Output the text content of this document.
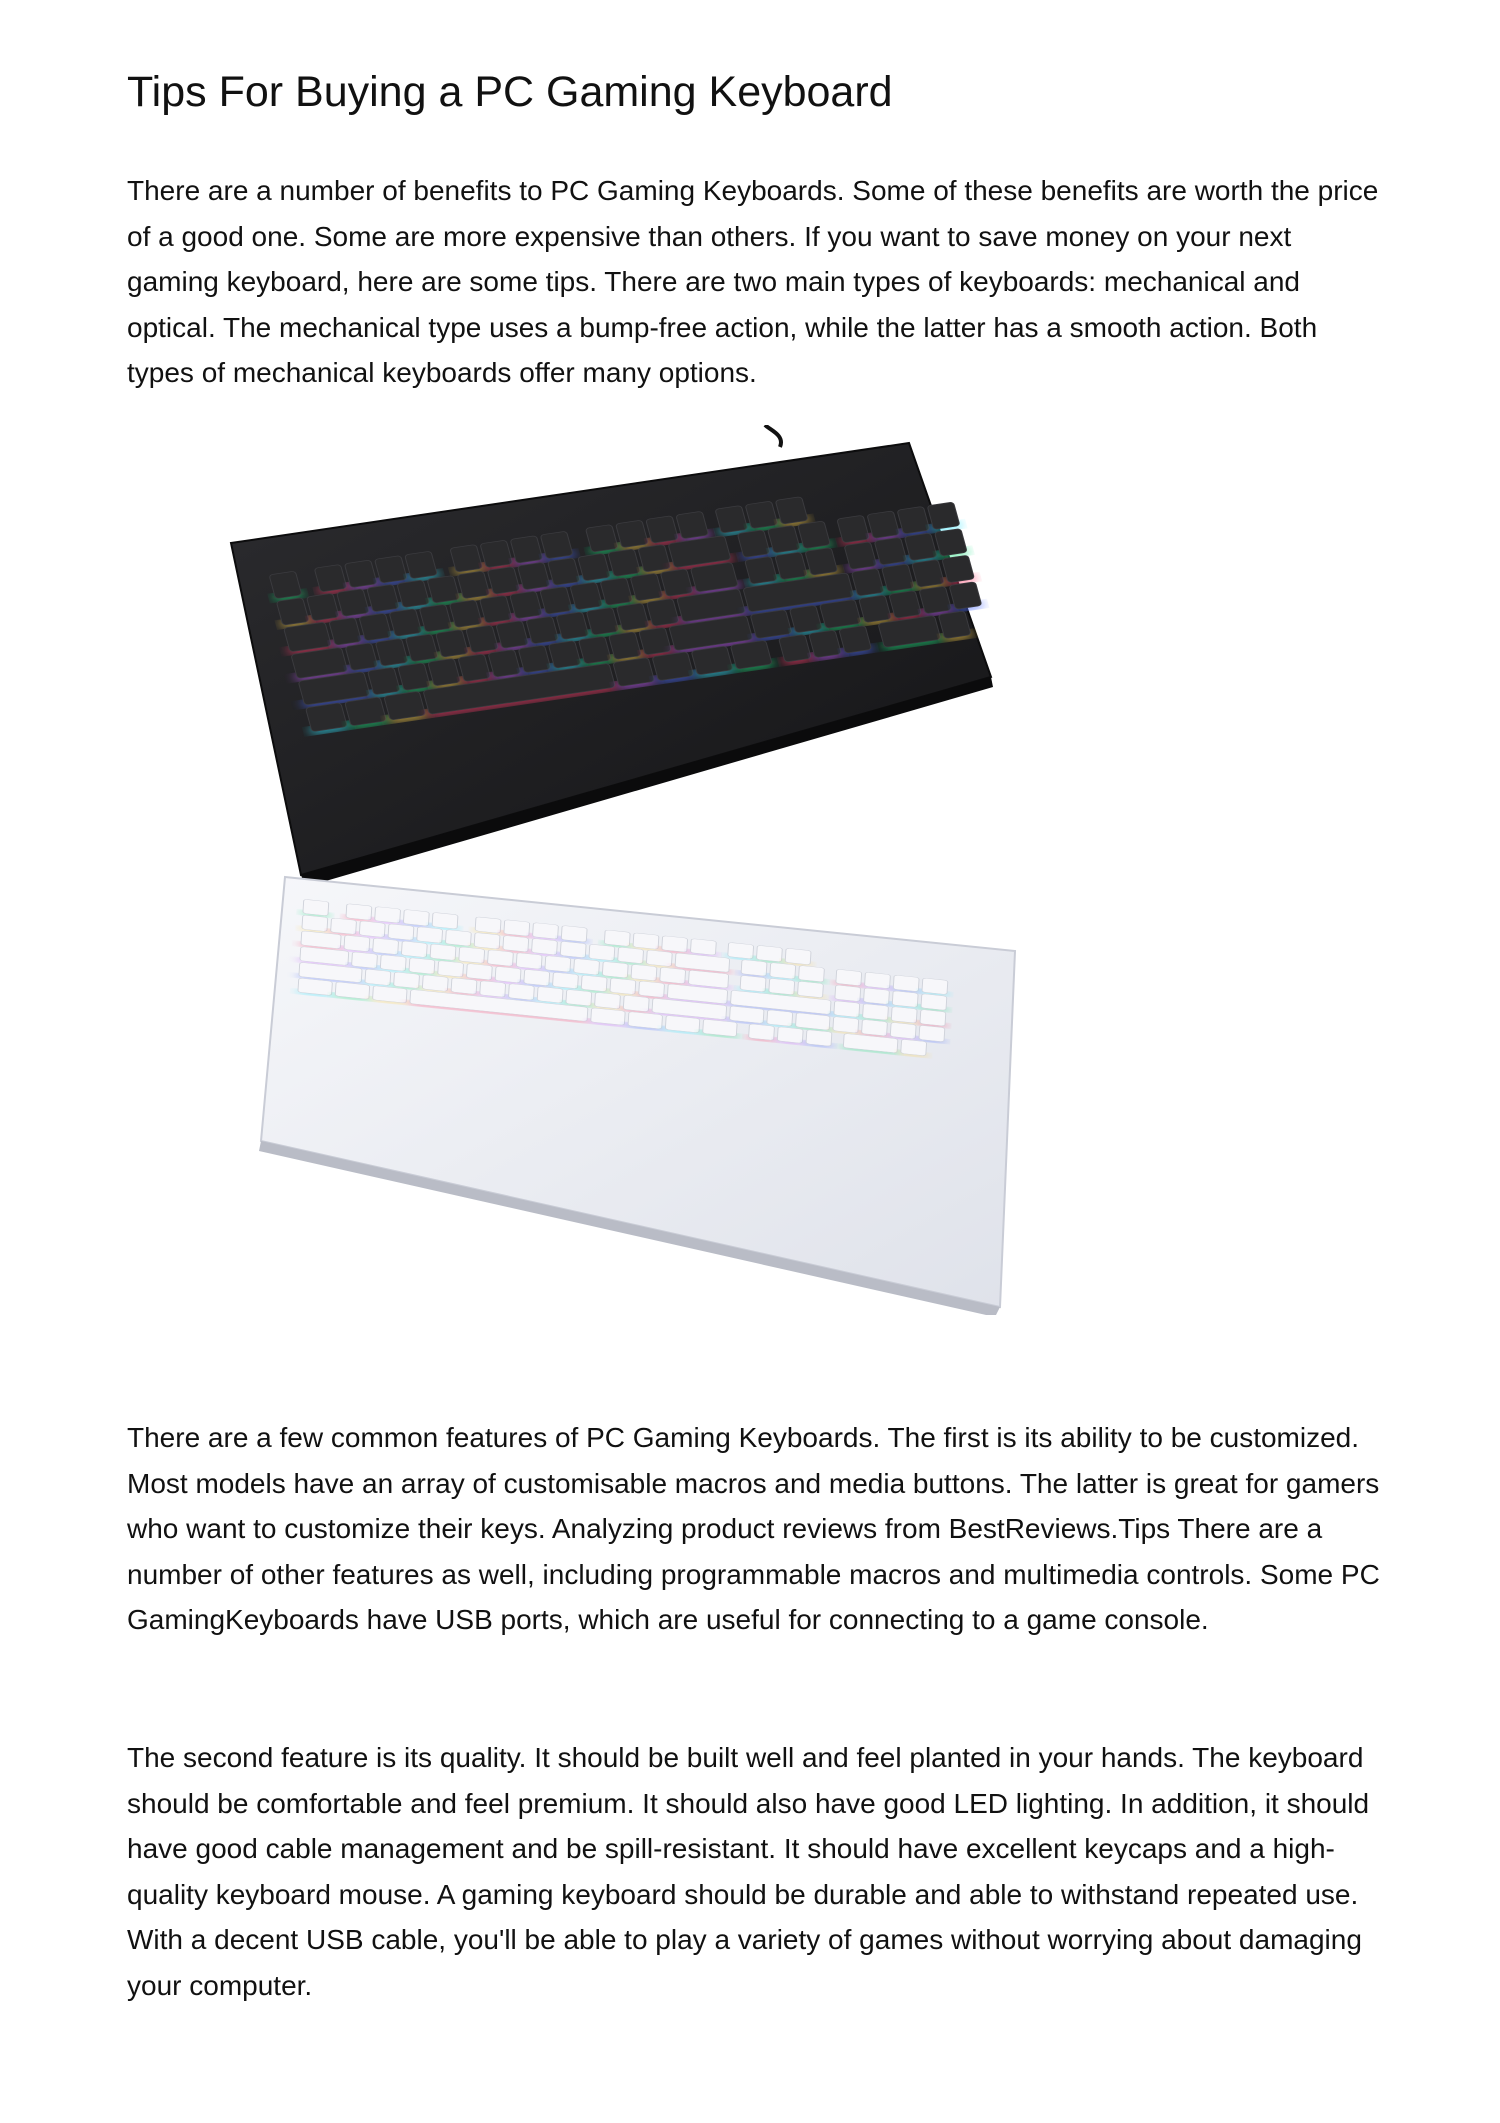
Tips For Buying a PC Gaming Keyboard

There are a number of benefits to PC Gaming Keyboards. Some of these benefits are worth the price of a good one. Some are more expensive than others. If you want to save money on your next gaming keyboard, here are some tips. There are two main types of keyboards: mechanical and optical. The mechanical type uses a bump-free action, while the latter has a smooth action. Both types of mechanical keyboards offer many options.

There are a few common features of PC Gaming Keyboards. The first is its ability to be customized. Most models have an array of customisable macros and media buttons. The latter is great for gamers who want to customize their keys. Analyzing product reviews from BestReviews.Tips There are a number of other features as well, including programmable macros and multimedia controls. Some PC GamingKeyboards have USB ports, which are useful for connecting to a game console.

The second feature is its quality. It should be built well and feel planted in your hands. The keyboard should be comfortable and feel premium. It should also have good LED lighting. In addition, it should have good cable management and be spill-resistant. It should have excellent keycaps and a high-quality keyboard mouse. A gaming keyboard should be durable and able to withstand repeated use. With a decent USB cable, you'll be able to play a variety of games without worrying about damaging your computer.
